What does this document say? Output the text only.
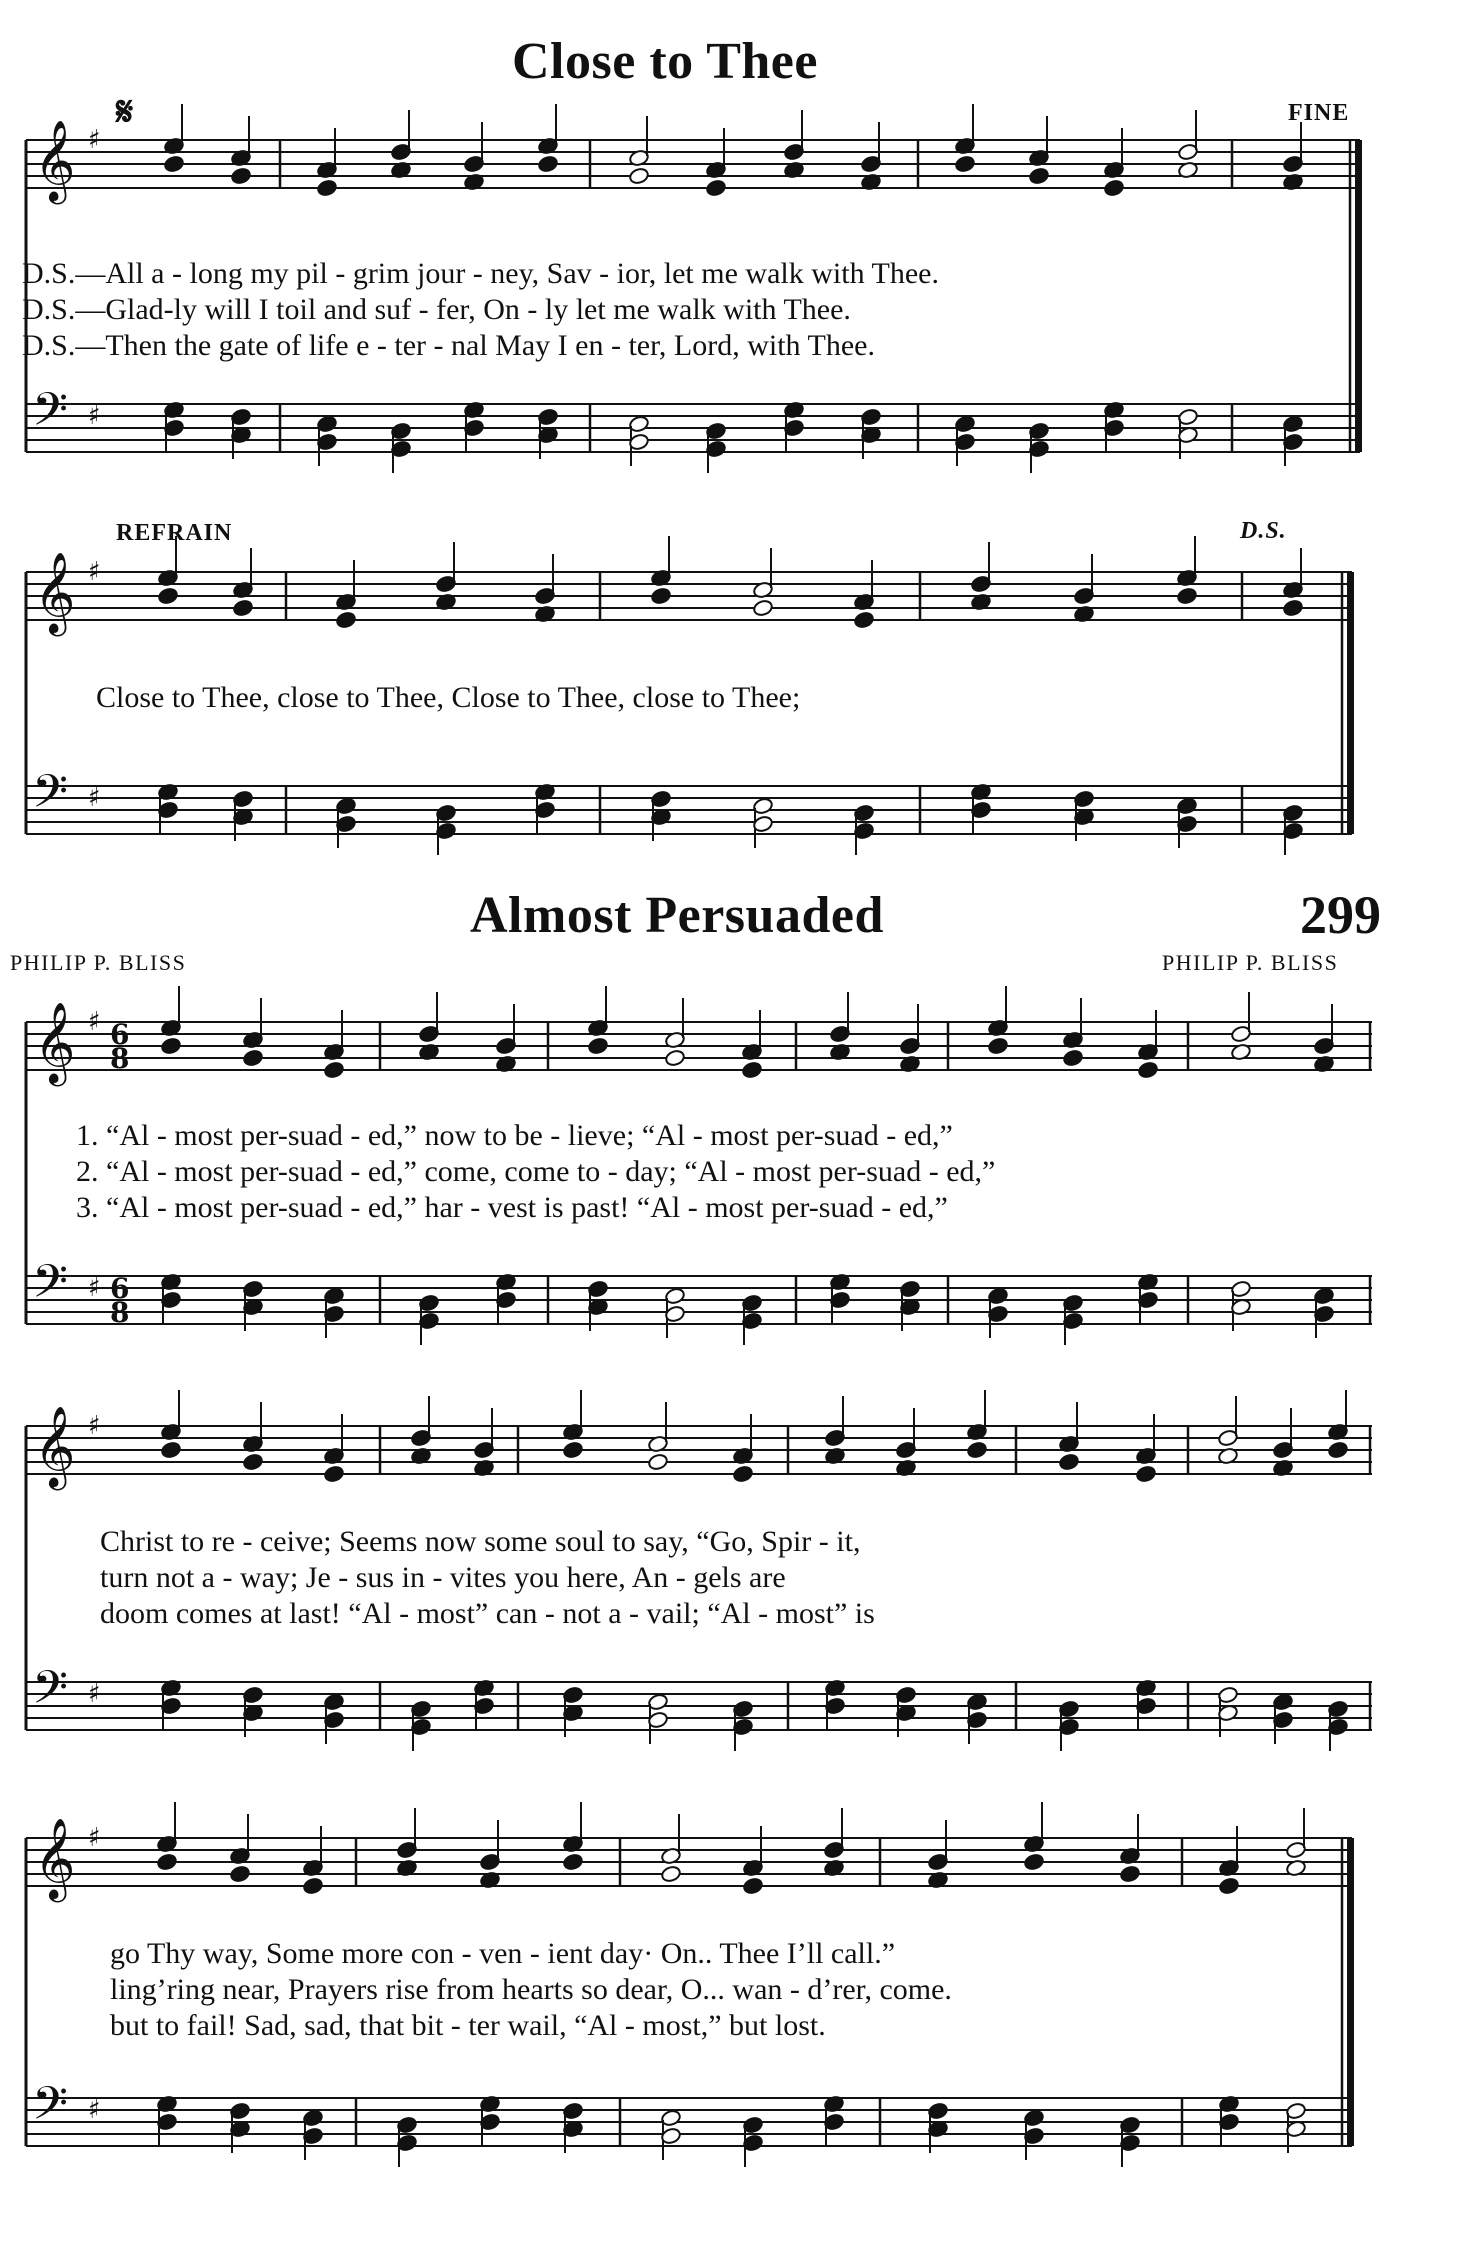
𝄞
𝄢
♯
♯
𝄞
𝄢
♯
♯
𝄞
𝄢
♯
♯
6
6
8
8
𝄞
𝄢
♯
♯
𝄞
𝄢
♯
♯
Close to Thee
FINE
𝄋
D.S.—All a - long my pil - grim jour - ney, Sav - ior, let me walk with Thee.
D.S.—Glad-ly will I toil and suf - fer, On - ly let me walk with Thee.
D.S.—Then the gate of life e - ter - nal May I en - ter, Lord, with Thee.
REFRAIN	D.S.
Close to Thee, close to Thee, Close to Thee, close to Thee;
Almost Persuaded	299
PHILIP P. BLISS	PHILIP P. BLISS
1. “Al - most per-suad - ed,” now to be - lieve; “Al - most per-suad - ed,”
2. “Al - most per-suad - ed,” come, come to - day; “Al - most per-suad - ed,”
3. “Al - most per-suad - ed,” har - vest is past! “Al - most per-suad - ed,”
Christ to re - ceive; Seems now some soul to say, “Go, Spir - it,
turn not a - way; Je - sus in - vites you here, An - gels are
doom comes at last! “Al - most” can - not a - vail; “Al - most” is
go Thy way, Some more con - ven - ient day· On.. Thee I’ll call.”
ling’ring near, Prayers rise from hearts so dear, O... wan - d’rer, come.
but to fail! Sad, sad, that bit - ter wail, “Al - most,” but lost.
